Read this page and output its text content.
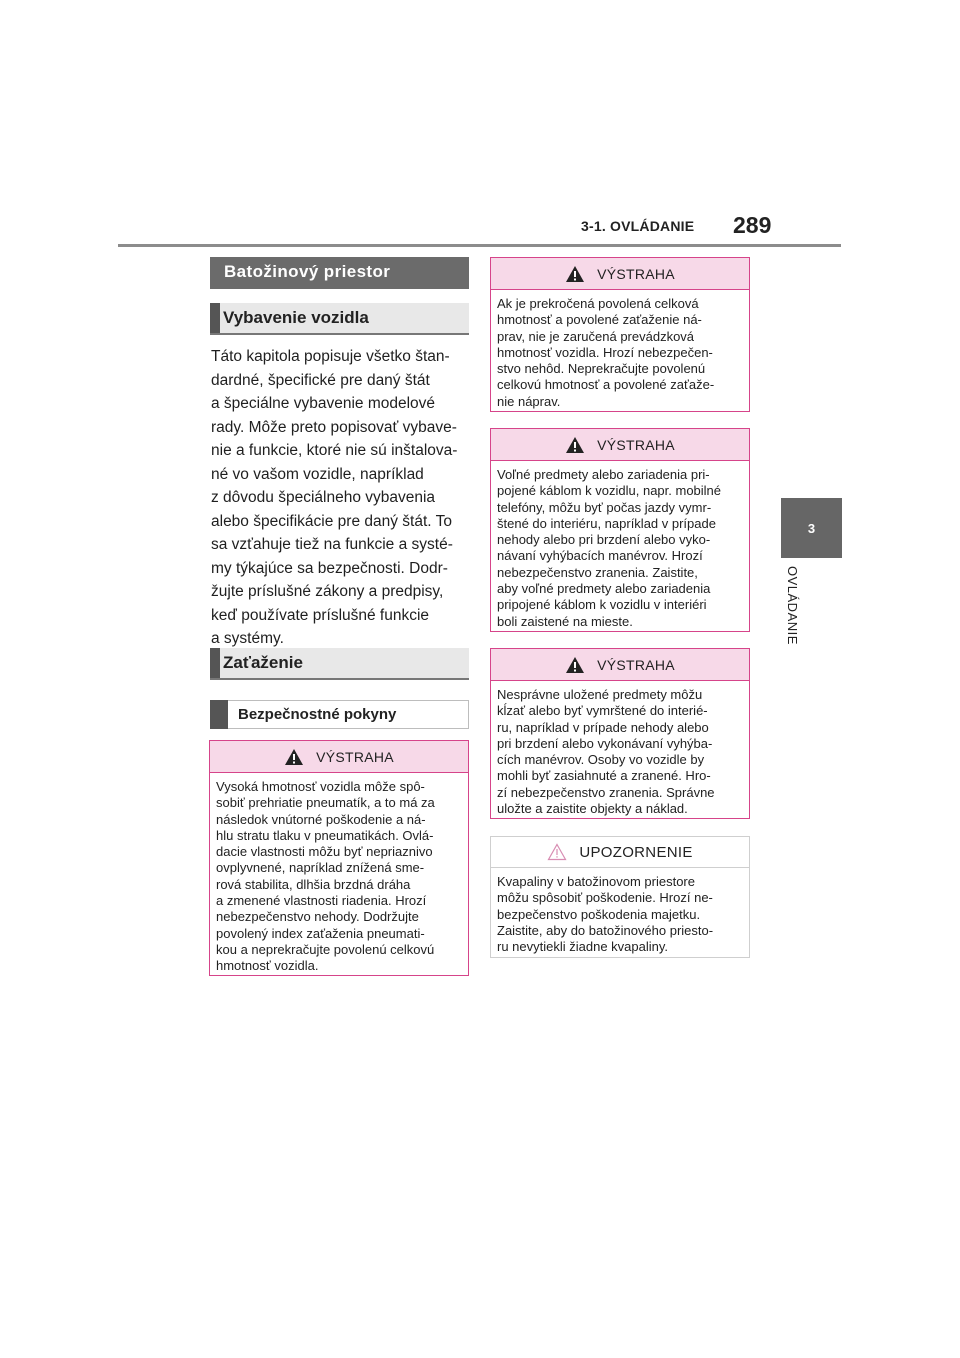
3-1. OVLÁDANIE 289
3
OVLÁDANIE
Batožinový priestor
Vybavenie vozidla

Táto kapitola popisuje všetko štan-
dardné, špecifické pre daný štát
a špeciálne vybavenie modelové
rady. Môže preto popisovať vybave-
nie a funkcie, ktoré nie sú inštalova-
né vo vašom vozidle, napríklad
z dôvodu špeciálneho vybavenia
alebo špecifikácie pre daný štát. To
sa vzťahuje tiež na funkcie a systé-
my týkajúce sa bezpečnosti. Dodr-
žujte príslušné zákony a predpisy,
keď používate príslušné funkcie
a systémy.

Zaťaženie
Bezpečnostné pokyny
VÝSTRAHA

Vysoká hmotnosť vozidla môže spô-
sobiť prehriatie pneumatík, a to má za
následok vnútorné poškodenie a ná-
hlu stratu tlaku v pneumatikách. Ovlá-
dacie vlastnosti môžu byť nepriaznivo
ovplyvnené, napríklad znížená sme-
rová stabilita, dlhšia brzdná dráha
a zmenené vlastnosti riadenia. Hrozí
nebezpečenstvo nehody. Dodržujte
povolený index zaťaženia pneumati-
kou a neprekračujte povolenú celkovú
hmotnosť vozidla.

VÝSTRAHA

Ak je prekročená povolená celková
hmotnosť a povolené zaťaženie ná-
prav, nie je zaručená prevádzková
hmotnosť vozidla. Hrozí nebezpečen-
stvo nehôd. Neprekračujte povolenú
celkovú hmotnosť a povolené zaťaže-
nie náprav.

VÝSTRAHA

Voľné predmety alebo zariadenia pri-
pojené káblom k vozidlu, napr. mobilné
telefóny, môžu byť počas jazdy vymr-
štené do interiéru, napríklad v prípade
nehody alebo pri brzdení alebo vyko-
návaní vyhýbacích manévrov. Hrozí
nebezpečenstvo zranenia. Zaistite,
aby voľné predmety alebo zariadenia
pripojené káblom k vozidlu v interiéri
boli zaistené na mieste.

VÝSTRAHA

Nesprávne uložené predmety môžu
kĺzať alebo byť vymrštené do interié-
ru, napríklad v prípade nehody alebo
pri brzdení alebo vykonávaní vyhýba-
cích manévrov. Osoby vo vozidle by
mohli byť zasiahnuté a zranené. Hro-
zí nebezpečenstvo zranenia. Správne
uložte a zaistite objekty a náklad.

UPOZORNENIE

Kvapaliny v batožinovom priestore
môžu spôsobiť poškodenie. Hrozí ne-
bezpečenstvo poškodenia majetku.
Zaistite, aby do batožinového priesto-
ru nevytiekli žiadne kvapaliny.
